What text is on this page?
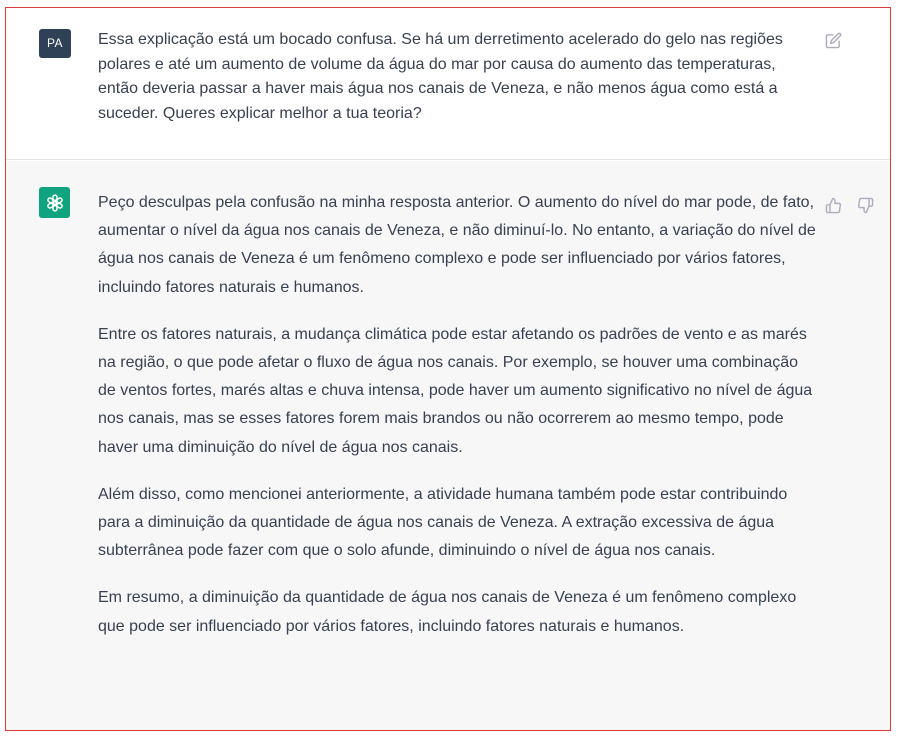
PA	Essa explicação está um bocado confusa. Se há um derretimento acelerado do gelo nas regiões polares e até um aumento de volume da água do mar por causa do aumento das temperaturas, então deveria passar a haver mais água nos canais de Veneza, e não menos água como está a suceder. Queres explicar melhor a tua teoria?

Peço desculpas pela confusão na minha resposta anterior. O aumento do nível do mar pode, de fato, aumentar o nível da água nos canais de Veneza, e não diminuí-lo. No entanto, a variação do nível de água nos canais de Veneza é um fenômeno complexo e pode ser influenciado por vários fatores, incluindo fatores naturais e humanos.

Entre os fatores naturais, a mudança climática pode estar afetando os padrões de vento e as marés na região, o que pode afetar o fluxo de água nos canais. Por exemplo, se houver uma combinação de ventos fortes, marés altas e chuva intensa, pode haver um aumento significativo no nível de água nos canais, mas se esses fatores forem mais brandos ou não ocorrerem ao mesmo tempo, pode haver uma diminuição do nível de água nos canais.

Além disso, como mencionei anteriormente, a atividade humana também pode estar contribuindo para a diminuição da quantidade de água nos canais de Veneza. A extração excessiva de água subterrânea pode fazer com que o solo afunde, diminuindo o nível de água nos canais.

Em resumo, a diminuição da quantidade de água nos canais de Veneza é um fenômeno complexo que pode ser influenciado por vários fatores, incluindo fatores naturais e humanos.
